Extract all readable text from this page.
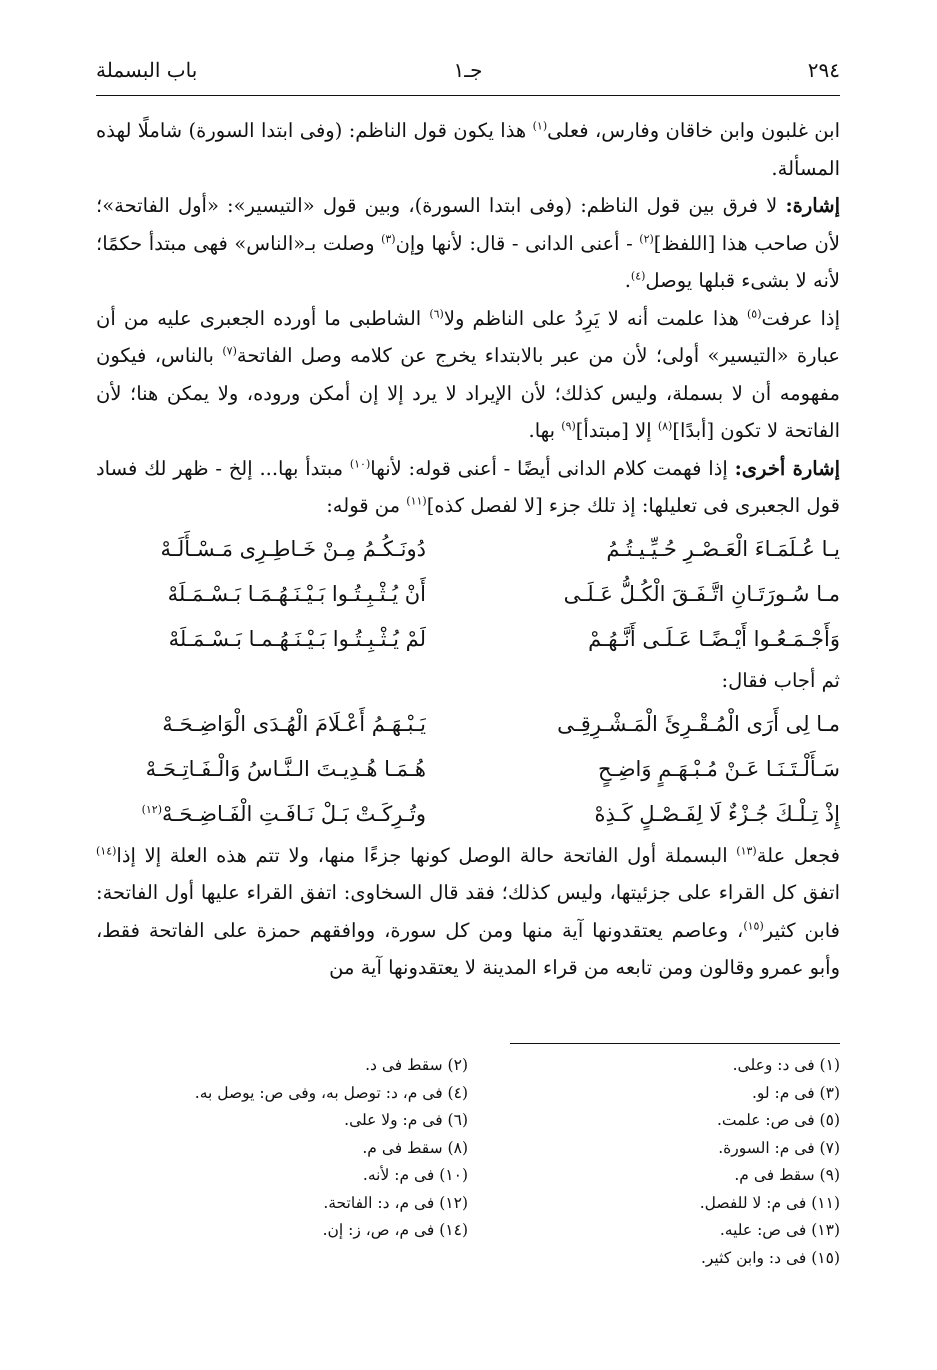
٢٩٤
جـ١
باب البسملة

ابن غلبون وابن خاقان وفارس، فعلى$^{(١)}$ هذا يكون قول الناظم: (وفى ابتدا السورة) شاملًا لهذه المسألة.

إشارة: لا فرق بين قول الناظم: (وفى ابتدا السورة)، وبين قول «التيسير»: «أول الفاتحة»؛ لأن صاحب هذا [اللفظ]$^{(٢)}$ - أعنى الدانى - قال: لأنها وإن$^{(٣)}$ وصلت بـ«الناس» فهى مبتدأ حكمًا؛ لأنه لا بشىء قبلها يوصل$^{(٤)}$.

إذا عرفت$^{(٥)}$ هذا علمت أنه لا يَرِدُ على الناظم ولا$^{(٦)}$ الشاطبى ما أورده الجعبرى عليه من أن عبارة «التيسير» أولى؛ لأن من عبر بالابتداء يخرج عن كلامه وصل الفاتحة$^{(٧)}$ بالناس، فيكون مفهومه أن لا بسملة، وليس كذلك؛ لأن الإيراد لا يرد إلا إن أمكن وروده، ولا يمكن هنا؛ لأن الفاتحة لا تكون [أبدًا]$^{(٨)}$ إلا [مبتدأ]$^{(٩)}$ بها.

إشارة أخرى: إذا فهمت كلام الدانى أيضًا - أعنى قوله: لأنها$^{(١٠)}$ مبتدأ بها... إلخ - ظهر لك فساد قول الجعبرى فى تعليلها: إذ تلك جزء [لا لفصل كذه]$^{(١١)}$ من قوله:

يـا عُـلَمَـاءَ الْعَـصْـرِ حُـيِّـيـتُـمُ
دُونَـكُـمُ مِـنْ خَـاطِـرِى مَـسْـأَلَـهْ
مـا سُـورَتَـانِ اتَّـفَـقَ الْكُـلُّ عَـلَـى
أَنْ يُـثْـبِـتُـوا بَـيْـنَـهُـمَـا بَـسْـمَـلَهْ
وَأَجْـمَـعُـوا أَيْـضًـا عَـلَـى أَنَّـهُـمْ
لَمْ يُـثْـبِـتُـوا بَـيْـنَـهُـمـا بَـسْـمَـلَهْ

ثم أجاب فقال:

مـا لِى أَرَى الْمُـقْـرِئَ الْمَـشْـرِقِـى
يَـبْـهَـمُ أَعْـلَامَ الْهُـدَى الْوَاضِـحَـهْ
سَـأَلْـتَـنَـا عَـنْ مُـبْـهَـمٍ وَاضِـحٍ
هُـمَـا هُـدِيـتَ الـنَّـاسُ وَالْـفَـاتِـحَـهْ
إِذْ تِـلْـكَ جُـزْءٌ لَا لِفَـصْـلٍ كَـذِهْ
وتُـرِكَـتْ بَـلْ نَـافَـتِ الْفَـاضِـحَـهْ$^{(١٢)}$

فجعل علة$^{(١٣)}$ البسملة أول الفاتحة حالة الوصل كونها جزءًا منها، ولا تتم هذه العلة إلا إذا$^{(١٤)}$ اتفق كل القراء على جزئيتها، وليس كذلك؛ فقد قال السخاوى: اتفق القراء عليها أول الفاتحة: فابن كثير$^{(١٥)}$، وعاصم يعتقدونها آية منها ومن كل سورة، ووافقهم حمزة على الفاتحة فقط، وأبو عمرو وقالون ومن تابعه من قراء المدينة لا يعتقدونها آية من

(١) فى د: وعلى.
(٣) فى م: لو.
(٥) فى ص: علمت.
(٧) فى م: السورة.
(٩) سقط فى م.
(١١) فى م: لا للفصل.
(١٣) فى ص: عليه.
(١٥) فى د: وابن كثير.
(٢) سقط فى د.
(٤) فى م، د: توصل به، وفى ص: يوصل به.
(٦) فى م: ولا على.
(٨) سقط فى م.
(١٠) فى م: لأنه.
(١٢) فى م، د: الفاتحة.
(١٤) فى م، ص، ز: إن.
